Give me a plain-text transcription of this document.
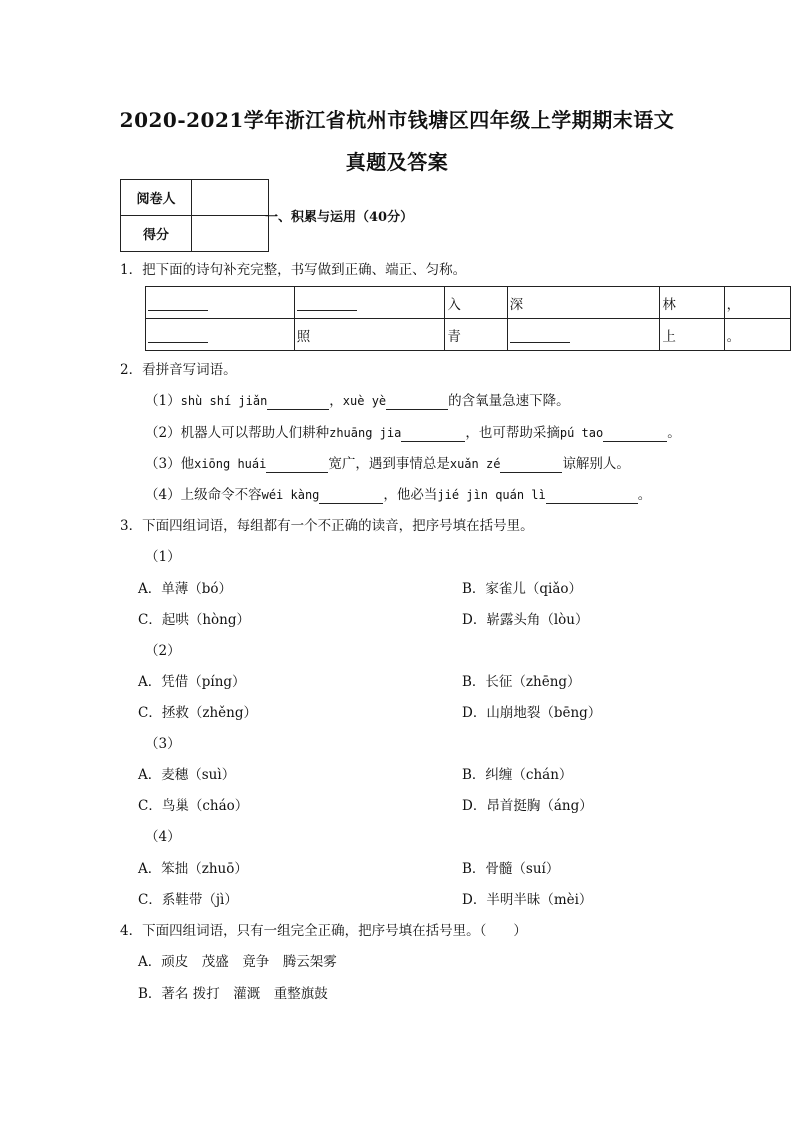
2020-2021学年浙江省杭州市钱塘区四年级上学期期末语文
真题及答案
阅卷人	
得分	
一、积累与运用（40分）
1．把下面的诗句补充完整，书写做到正确、端正、匀称。
		入	深	林	，
	照	青		上	。
2．看拼音写词语。
（1）shù shí jiǎn	，xuè yè	的含氧量急速下降。
（2）机器人可以帮助人们耕种zhuāng jia	，也可帮助采摘pú tao	。
（3）他xiōng huái	宽广，遇到事情总是xuǎn zé	谅解别人。
（4）上级命令不容wéi kàng	，他必当jié jìn quán lì	。
3．下面四组词语，每组都有一个不正确的读音，把序号填在括号里。
（1）
A．单薄（bó）	B．家雀儿（qiǎo）
C．起哄（hòng）	D．崭露头角（lòu）
（2）
A．凭借（píng）	B．长征（zhēng）
C．拯救（zhěng）	D．山崩地裂（bēng）
（3）
A．麦穗（suì）	B．纠缠（chán）
C．鸟巢（cháo）	D．昂首挺胸（áng）
（4）
A．笨拙（zhuō）	B．骨髓（suí）
C．系鞋带（jì）	D．半明半昧（mèi）
4．下面四组词语，只有一组完全正确，把序号填在括号里。（　　）
A．顽皮　茂盛　竟争　腾云架雾
B．著名 拨打　灌溉　重整旗鼓
